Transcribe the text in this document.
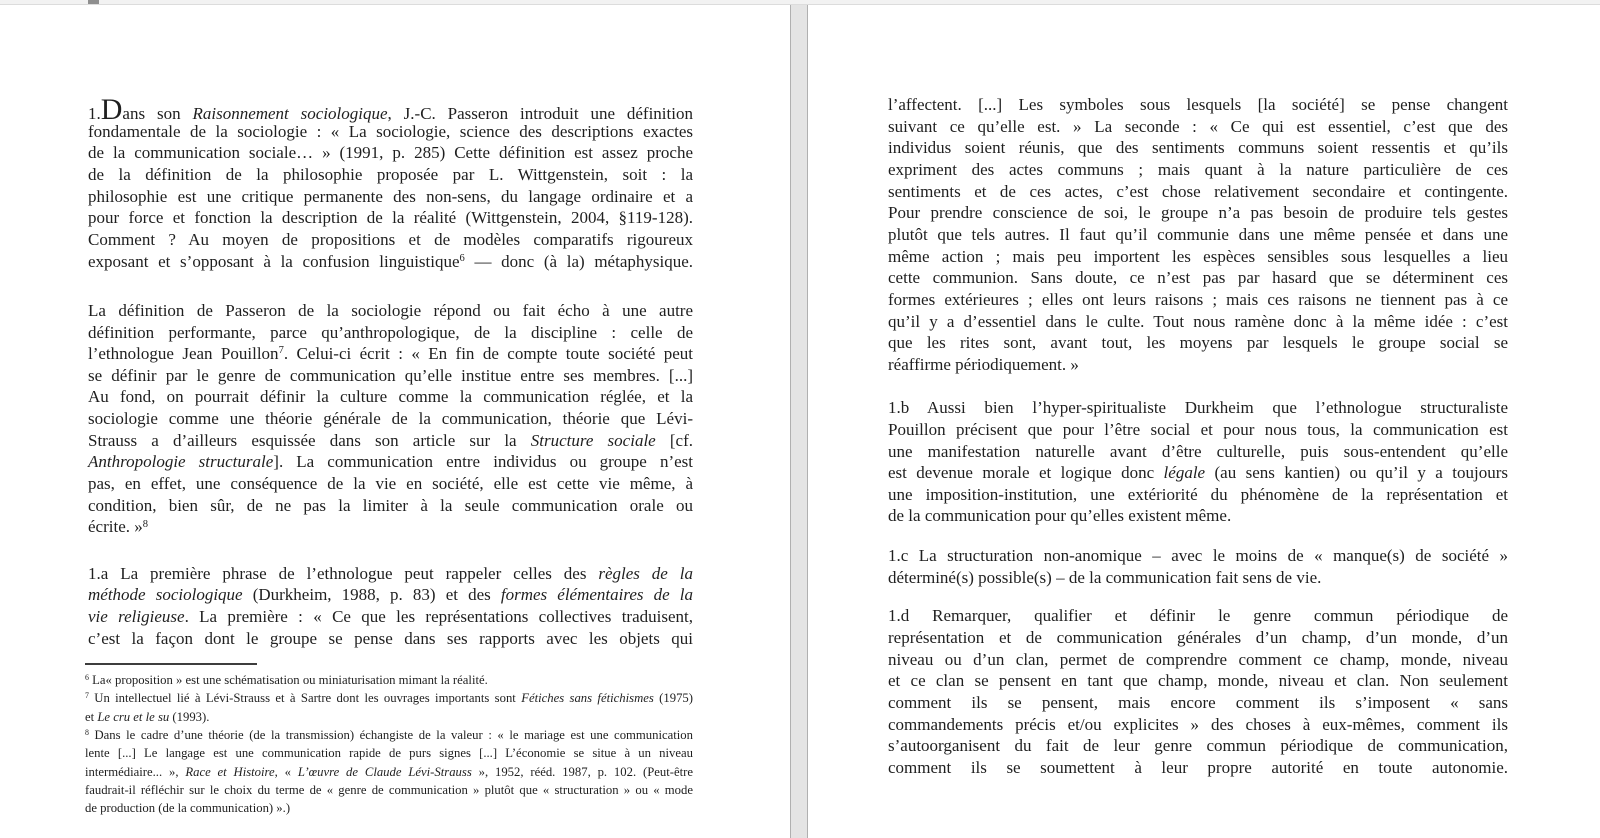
1.Dans son Raisonnement sociologique, J.-C. Passeron introduit une définition
fondamentale de la sociologie : « La sociologie, science des descriptions exactes
de la communication sociale… » (1991, p. 285) Cette définition est assez proche
de la définition de la philosophie proposée par L. Wittgenstein, soit : la
philosophie est une critique permanente des non-sens, du langage ordinaire et a
pour force et fonction la description de la réalité (Wittgenstein, 2004, §119-128).
Comment ? Au moyen de propositions et de modèles comparatifs rigoureux
exposant et s’opposant à la confusion linguistique$^6$ — donc (à la) métaphysique.
La définition de Passeron de la sociologie répond ou fait écho à une autre
définition performante, parce qu’anthropologique, de la discipline : celle de
l’ethnologue Jean Pouillon$^7$. Celui-ci écrit : « En fin de compte toute société peut
se définir par le genre de communication qu’elle institue entre ses membres. [...]
Au fond, on pourrait définir la culture comme la communication réglée, et la
sociologie comme une théorie générale de la communication, théorie que Lévi-
Strauss a d’ailleurs esquissée dans son article sur la Structure sociale [cf.
Anthropologie structurale]. La communication entre individus ou groupe n’est
pas, en effet, une conséquence de la vie en société, elle est cette vie même, à
condition, bien sûr, de ne pas la limiter à la seule communication orale ou
écrite. »$^8$
1.a La première phrase de l’ethnologue peut rappeler celles des règles de la
méthode sociologique (Durkheim, 1988, p. 83) et des formes élémentaires de la
vie religieuse. La première : « Ce que les représentations collectives traduisent,
c’est la façon dont le groupe se pense dans ses rapports avec les objets qui
$^6$ La« proposition » est une schématisation ou miniaturisation mimant la réalité.
$^7$ Un intellectuel lié à Lévi-Strauss et à Sartre dont les ouvrages importants sont Fétiches sans fétichismes (1975)
et Le cru et le su (1993).
$^8$ Dans le cadre d’une théorie (de la transmission) échangiste de la valeur : « le mariage est une communication
lente [...] Le langage est une communication rapide de purs signes [...] L’économie se situe à un niveau
intermédiaire... », Race et Histoire, « L’œuvre de Claude Lévi-Strauss », 1952, rééd. 1987, p. 102. (Peut-être
faudrait-il réfléchir sur le choix du terme de « genre de communication » plutôt que « structuration » ou « mode
de production (de la communication) ».)
l’affectent. [...] Les symboles sous lesquels [la société] se pense changent
suivant ce qu’elle est. » La seconde : « Ce qui est essentiel, c’est que des
individus soient réunis, que des sentiments communs soient ressentis et qu’ils
expriment des actes communs ; mais quant à la nature particulière de ces
sentiments et de ces actes, c’est chose relativement secondaire et contingente.
Pour prendre conscience de soi, le groupe n’a pas besoin de produire tels gestes
plutôt que tels autres. Il faut qu’il communie dans une même pensée et dans une
même action ; mais peu importent les espèces sensibles sous lesquelles a lieu
cette communion. Sans doute, ce n’est pas par hasard que se déterminent ces
formes extérieures ; elles ont leurs raisons ; mais ces raisons ne tiennent pas à ce
qu’il y a d’essentiel dans le culte. Tout nous ramène donc à la même idée : c’est
que les rites sont, avant tout, les moyens par lesquels le groupe social se
réaffirme périodiquement. »
1.b Aussi bien l’hyper-spiritualiste Durkheim que l’ethnologue structuraliste
Pouillon précisent que pour l’être social et pour nous tous, la communication est
une manifestation naturelle avant d’être culturelle, puis sous-entendent qu’elle
est devenue morale et logique donc légale (au sens kantien) ou qu’il y a toujours
une imposition-institution, une extériorité du phénomène de la représentation et
de la communication pour qu’elles existent même.
1.c La structuration non-anomique – avec le moins de « manque(s) de société »
déterminé(s) possible(s) – de la communication fait sens de vie.
1.d Remarquer, qualifier et définir le genre commun périodique de
représentation et de communication générales d’un champ, d’un monde, d’un
niveau ou d’un clan, permet de comprendre comment ce champ, monde, niveau
et ce clan se pensent en tant que champ, monde, niveau et clan. Non seulement
comment ils se pensent, mais encore comment ils s’imposent « sans
commandements précis et/ou explicites » des choses à eux-mêmes, comment ils
s’autoorganisent du fait de leur genre commun périodique de communication,
comment ils se soumettent à leur propre autorité en toute autonomie.
